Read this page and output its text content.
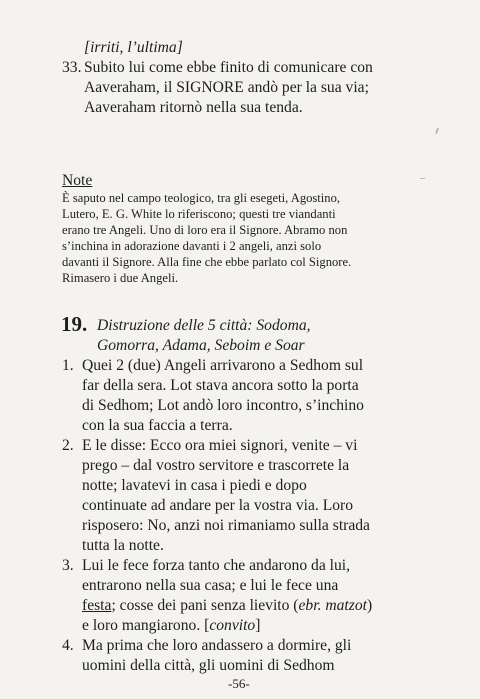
[irriti, l’ultima]
33. Subito lui come ebbe finito di comunicare con
Aaveraham, il SIGNORE andò per la sua via;
Aaveraham ritornò nella sua tenda.
Note
È saputo nel campo teologico, tra gli esegeti, Agostino,
Lutero, E. G. White lo riferiscono; questi tre viandanti
erano tre Angeli. Uno di loro era il Signore. Abramo non
s’inchina in adorazione davanti i 2 angeli, anzi solo
davanti il Signore. Alla fine che ebbe parlato col Signore.
Rimasero i due Angeli.
19. Distruzione delle 5 città: Sodoma,
Gomorra, Adama, Seboim e Soar
1. Quei 2 (due) Angeli arrivarono a Sedhom sul
far della sera. Lot stava ancora sotto la porta
di Sedhom; Lot andò loro incontro, s’inchino
con la sua faccia a terra.
2. E le disse: Ecco ora miei signori, venite – vi
prego – dal vostro servitore e trascorrete la
notte; lavatevi in casa i piedi e dopo
continuate ad andare per la vostra via. Loro
risposero: No, anzi noi rimaniamo sulla strada
tutta la notte.
3. Lui le fece forza tanto che andarono da lui,
entrarono nella sua casa; e lui le fece una
festa; cosse dei pani senza lievito (ebr. matzot)
e loro mangiarono. [convito]
4. Ma prima che loro andassero a dormire, gli
uomini della città, gli uomini di Sedhom
-56-
